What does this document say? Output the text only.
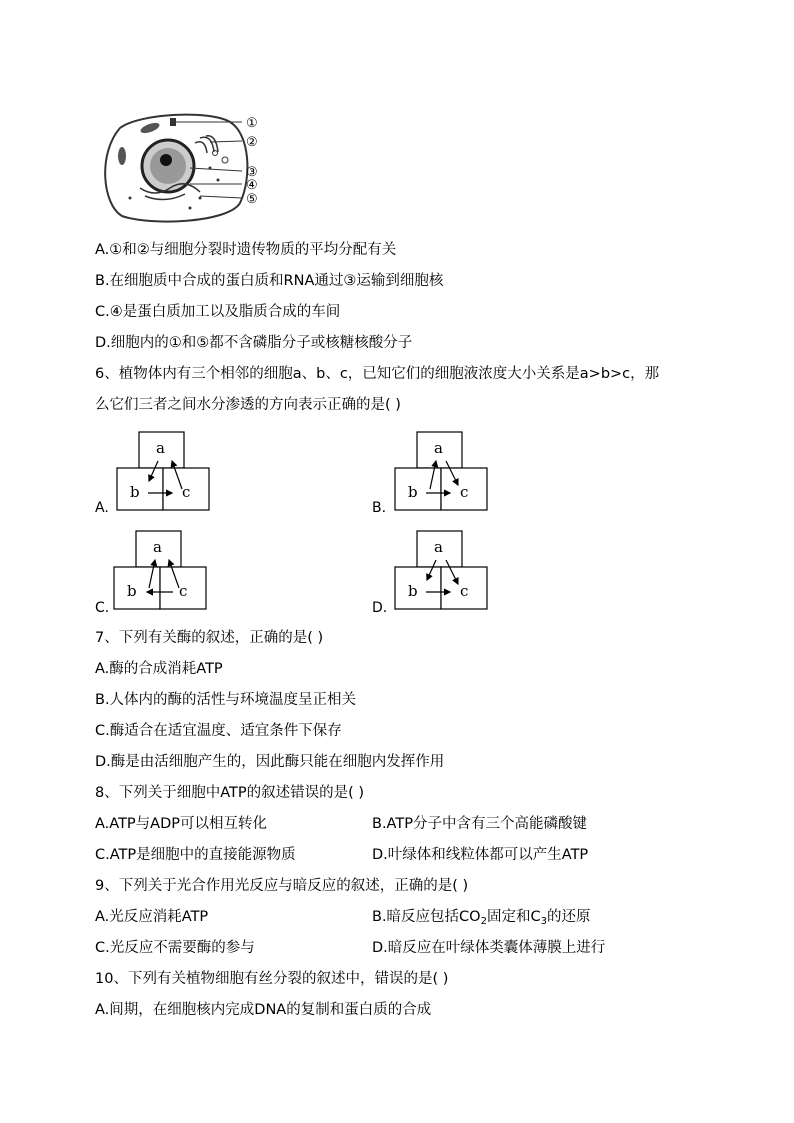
①
②
③
④
⑤
A.①和②与细胞分裂时遗传物质的平均分配有关
B.在细胞质中合成的蛋白质和RNA通过③运输到细胞核
C.④是蛋白质加工以及脂质合成的车间
D.细胞内的①和⑤都不含磷脂分子或核糖核酸分子
6、植物体内有三个相邻的细胞a、b、c，已知它们的细胞液浓度大小关系是a>b>c，那
么它们三者之间水分渗透的方向表示正确的是( )
A.
a
b	c
B.
a
b	c
C.
a
b	c
D.
a
b	c
7、下列有关酶的叙述，正确的是( )
A.酶的合成消耗ATP
B.人体内的酶的活性与环境温度呈正相关
C.酶适合在适宜温度、适宜条件下保存
D.酶是由活细胞产生的，因此酶只能在细胞内发挥作用
8、下列关于细胞中ATP的叙述错误的是( )
A.ATP与ADP可以相互转化	B.ATP分子中含有三个高能磷酸键
C.ATP是细胞中的直接能源物质	D.叶绿体和线粒体都可以产生ATP
9、下列关于光合作用光反应与暗反应的叙述，正确的是( )
A.光反应消耗ATP	B.暗反应包括$CO_2$固定和$C_3$的还原
C.光反应不需要酶的参与	D.暗反应在叶绿体类囊体薄膜上进行
10、下列有关植物细胞有丝分裂的叙述中，错误的是( )
A.间期，在细胞核内完成DNA的复制和蛋白质的合成
